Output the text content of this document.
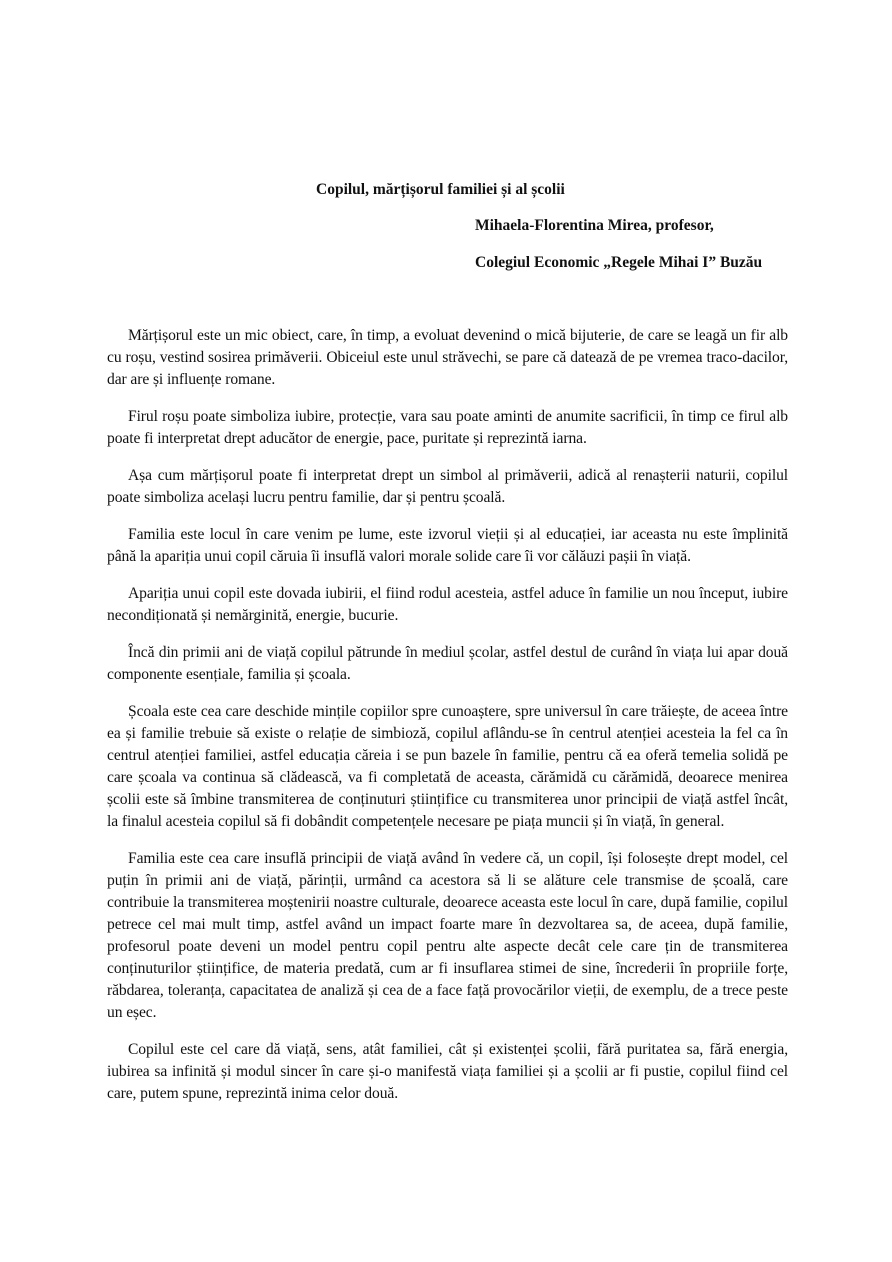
Copilul, mărțișorul familiei și al școlii
Mihaela-Florentina Mirea, profesor,
Colegiul Economic „Regele Mihai I” Buzău

Mărțișorul este un mic obiect, care, în timp, a evoluat devenind o mică bijuterie, de care se leagă un fir alb cu roșu, vestind sosirea primăverii. Obiceiul este unul străvechi, se pare că datează de pe vremea traco-dacilor, dar are și influențe romane.

Firul roșu poate simboliza iubire, protecție, vara sau poate aminti de anumite sacrificii, în timp ce firul alb poate fi interpretat drept aducător de energie, pace, puritate și reprezintă iarna.

Așa cum mărțișorul poate fi interpretat drept un simbol al primăverii, adică al renașterii naturii, copilul poate simboliza același lucru pentru familie, dar și pentru școală.

Familia este locul în care venim pe lume, este izvorul vieții și al educației, iar aceasta nu este împlinită până la apariția unui copil căruia îi insuflă valori morale solide care îi vor călăuzi pașii în viață.

Apariția unui copil este dovada iubirii, el fiind rodul acesteia, astfel aduce în familie un nou început, iubire necondiționată și nemărginită, energie, bucurie.

Încă din primii ani de viață copilul pătrunde în mediul școlar, astfel destul de curând în viața lui apar două componente esențiale, familia și școala.

Școala este cea care deschide mințile copiilor spre cunoaștere, spre universul în care trăiește, de aceea între ea și familie trebuie să existe o relație de simbioză, copilul aflându-se în centrul atenției acesteia la fel ca în centrul atenției familiei, astfel educația căreia i se pun bazele în familie, pentru că ea oferă temelia solidă pe care școala va continua să clădească, va fi completată de aceasta, cărămidă cu cărămidă, deoarece menirea școlii este să îmbine transmiterea de conținuturi științifice cu transmiterea unor principii de viață astfel încât, la finalul acesteia copilul să fi dobândit competențele necesare pe piața muncii și în viață, în general.

Familia este cea care insuflă principii de viață având în vedere că, un copil, își folosește drept model, cel puțin în primii ani de viață, părinții, urmând ca acestora să li se alăture cele transmise de școală, care contribuie la transmiterea moștenirii noastre culturale, deoarece aceasta este locul în care, după familie, copilul petrece cel mai mult timp, astfel având un impact foarte mare în dezvoltarea sa, de aceea, după familie, profesorul poate deveni un model pentru copil pentru alte aspecte decât cele care țin de transmiterea conținuturilor științifice, de materia predată, cum ar fi insuflarea stimei de sine, încrederii în propriile forțe, răbdarea, toleranța, capacitatea de analiză și cea de a face față provocărilor vieții, de exemplu, de a trece peste un eșec.

Copilul este cel care dă viață, sens, atât familiei, cât și existenței școlii, fără puritatea sa, fără energia, iubirea sa infinită și modul sincer în care și-o manifestă viața familiei și a școlii ar fi pustie, copilul fiind cel care, putem spune, reprezintă inima celor două.
